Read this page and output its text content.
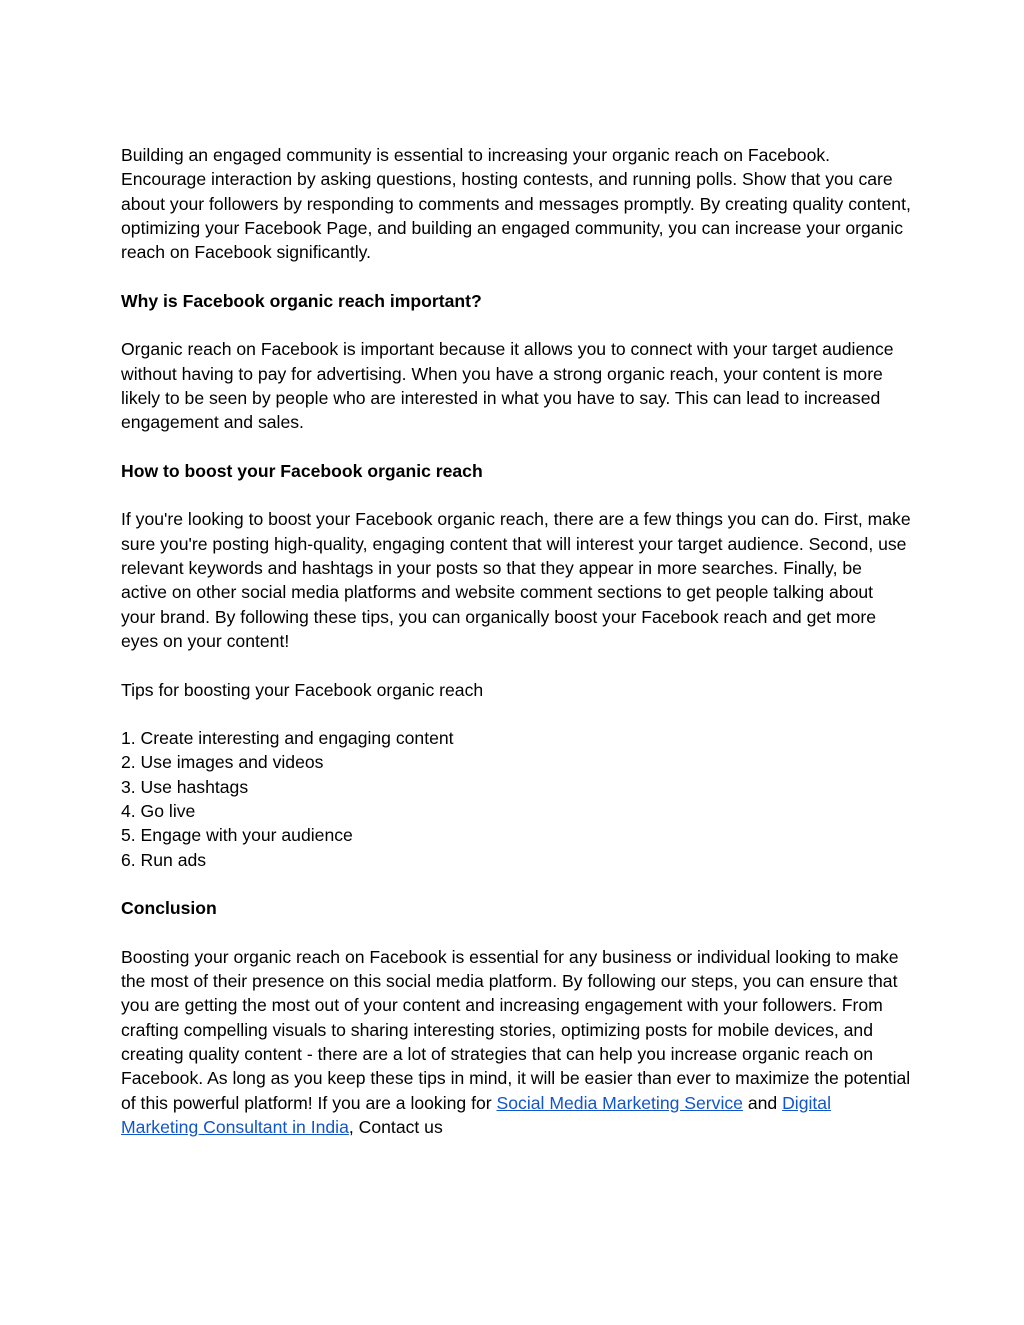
Building an engaged community is essential to increasing your organic reach on Facebook. Encourage interaction by asking questions, hosting contests, and running polls. Show that you care about your followers by responding to comments and messages promptly. By creating quality content, optimizing your Facebook Page, and building an engaged community, you can increase your organic reach on Facebook significantly.

Why is Facebook organic reach important?

Organic reach on Facebook is important because it allows you to connect with your target audience without having to pay for advertising. When you have a strong organic reach, your content is more likely to be seen by people who are interested in what you have to say. This can lead to increased engagement and sales.

How to boost your Facebook organic reach

If you're looking to boost your Facebook organic reach, there are a few things you can do. First, make sure you're posting high-quality, engaging content that will interest your target audience. Second, use relevant keywords and hashtags in your posts so that they appear in more searches. Finally, be active on other social media platforms and website comment sections to get people talking about your brand. By following these tips, you can organically boost your Facebook reach and get more eyes on your content!

Tips for boosting your Facebook organic reach

1. Create interesting and engaging content
2. Use images and videos
3. Use hashtags
4. Go live
5. Engage with your audience
6. Run ads

Conclusion

Boosting your organic reach on Facebook is essential for any business or individual looking to make the most of their presence on this social media platform. By following our steps, you can ensure that you are getting the most out of your content and increasing engagement with your followers. From crafting compelling visuals to sharing interesting stories, optimizing posts for mobile devices, and creating quality content - there are a lot of strategies that can help you increase organic reach on Facebook. As long as you keep these tips in mind, it will be easier than ever to maximize the potential of this powerful platform! If you are a looking for Social Media Marketing Service and Digital Marketing Consultant in India, Contact us
